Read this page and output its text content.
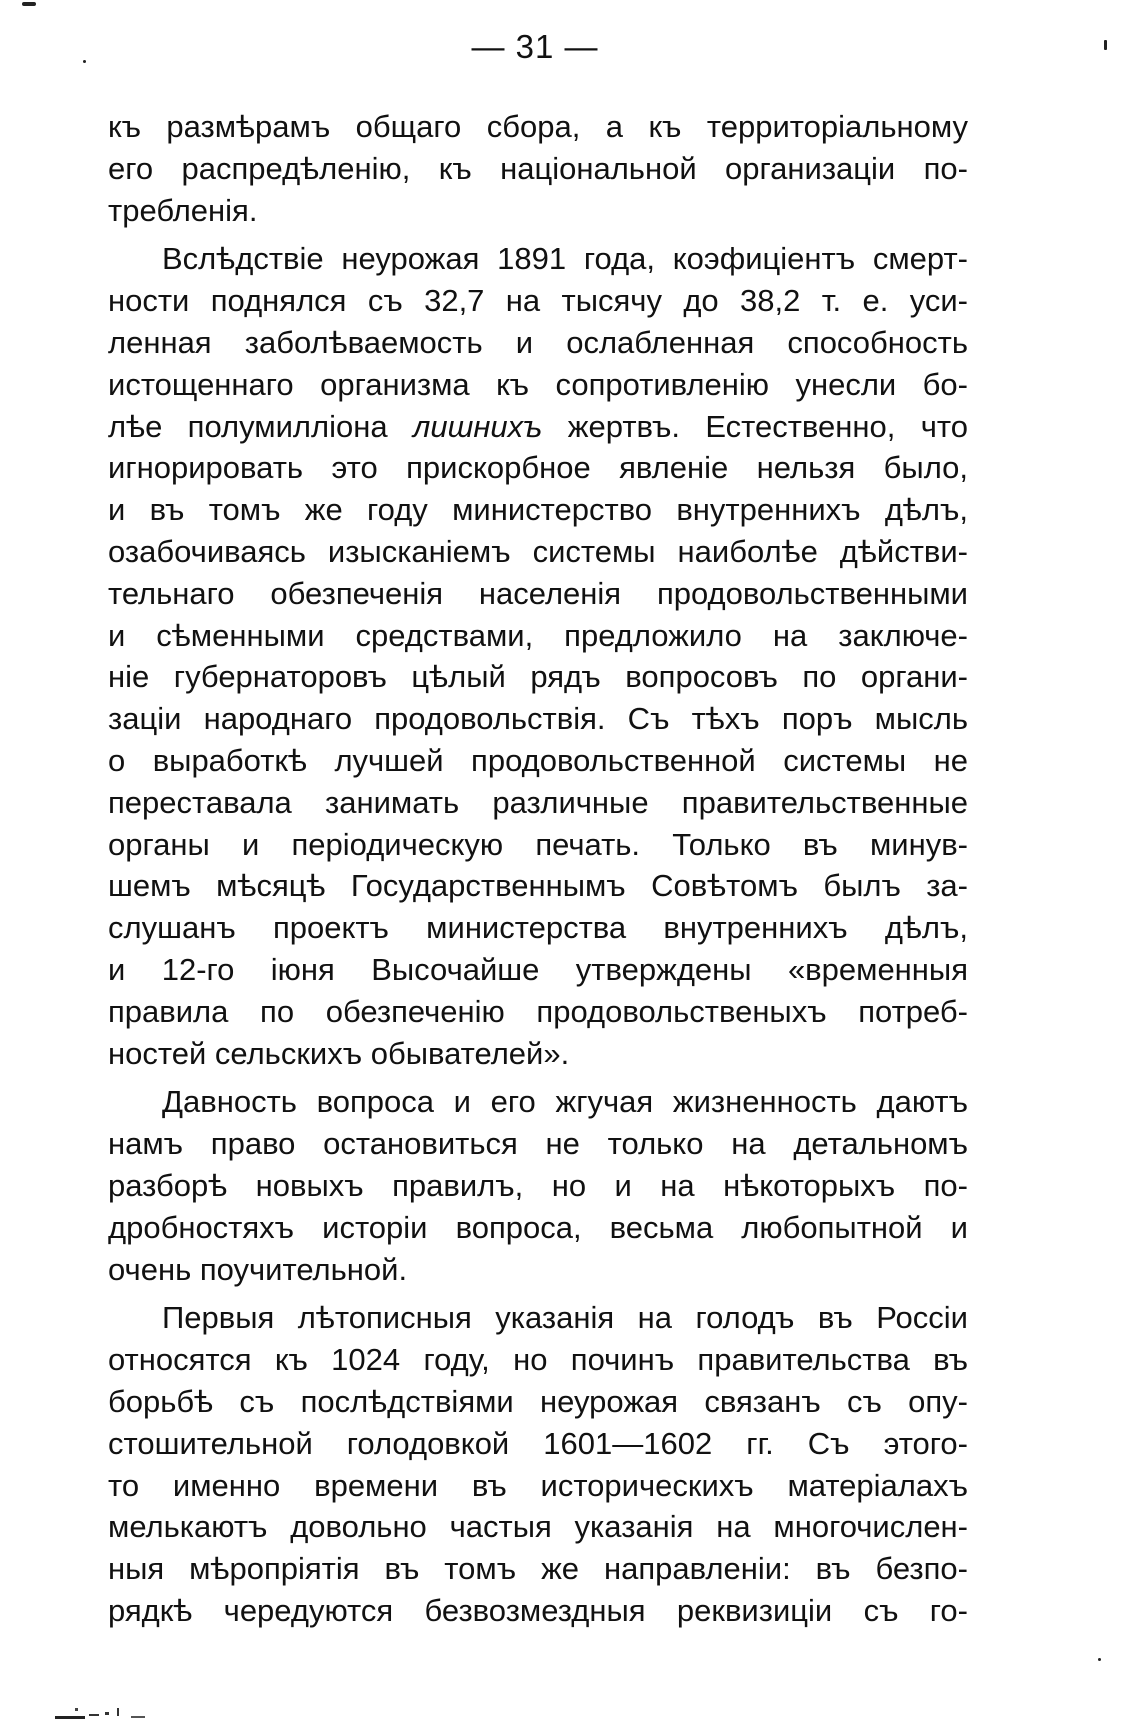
— 31 —
къ размѣрамъ общаго сбора, а къ территоріальному
его распредѣленію, къ національной организаціи по-
требленія.
Вслѣдствіе неурожая 1891 года, коэфиціентъ смерт-
ности поднялся съ 32,7 на тысячу до 38,2 т. е. уси-
ленная заболѣваемость и ослабленная способность
истощеннаго организма къ сопротивленію унесли бо-
лѣе полумилліона лишнихъ жертвъ. Естественно, что
игнорировать это прискорбное явленіе нельзя было,
и въ томъ же году министерство внутреннихъ дѣлъ,
озабочиваясь изысканіемъ системы наиболѣе дѣйстви-
тельнаго обезпеченія населенія продовольственными
и сѣменными средствами, предложило на заключе-
ніе губернаторовъ цѣлый рядъ вопросовъ по органи-
заціи народнаго продовольствія. Съ тѣхъ поръ мысль
о выработкѣ лучшей продовольственной системы не
переставала занимать различные правительственные
органы и періодическую печать. Только въ минув-
шемъ мѣсяцѣ Государственнымъ Совѣтомъ былъ за-
слушанъ проектъ министерства внутреннихъ дѣлъ,
и 12-го іюня Высочайше утверждены «временныя
правила по обезпеченію продовольственыхъ потреб-
ностей сельскихъ обывателей».
Давность вопроса и его жгучая жизненность даютъ
намъ право остановиться не только на детальномъ
разборѣ новыхъ правилъ, но и на нѣкоторыхъ по-
дробностяхъ исторіи вопроса, весьма любопытной и
очень поучительной.
Первыя лѣтописныя указанія на голодъ въ Россіи
относятся къ 1024 году, но починъ правительства въ
борьбѣ съ послѣдствіями неурожая связанъ съ опу-
стошительной голодовкой 1601—1602 гг. Съ этого-
то именно времени въ историческихъ матеріалахъ
мелькаютъ довольно частыя указанія на многочислен-
ныя мѣропріятія въ томъ же направленіи: въ безпо-
рядкѣ чередуются безвозмездныя реквизиціи съ го-
